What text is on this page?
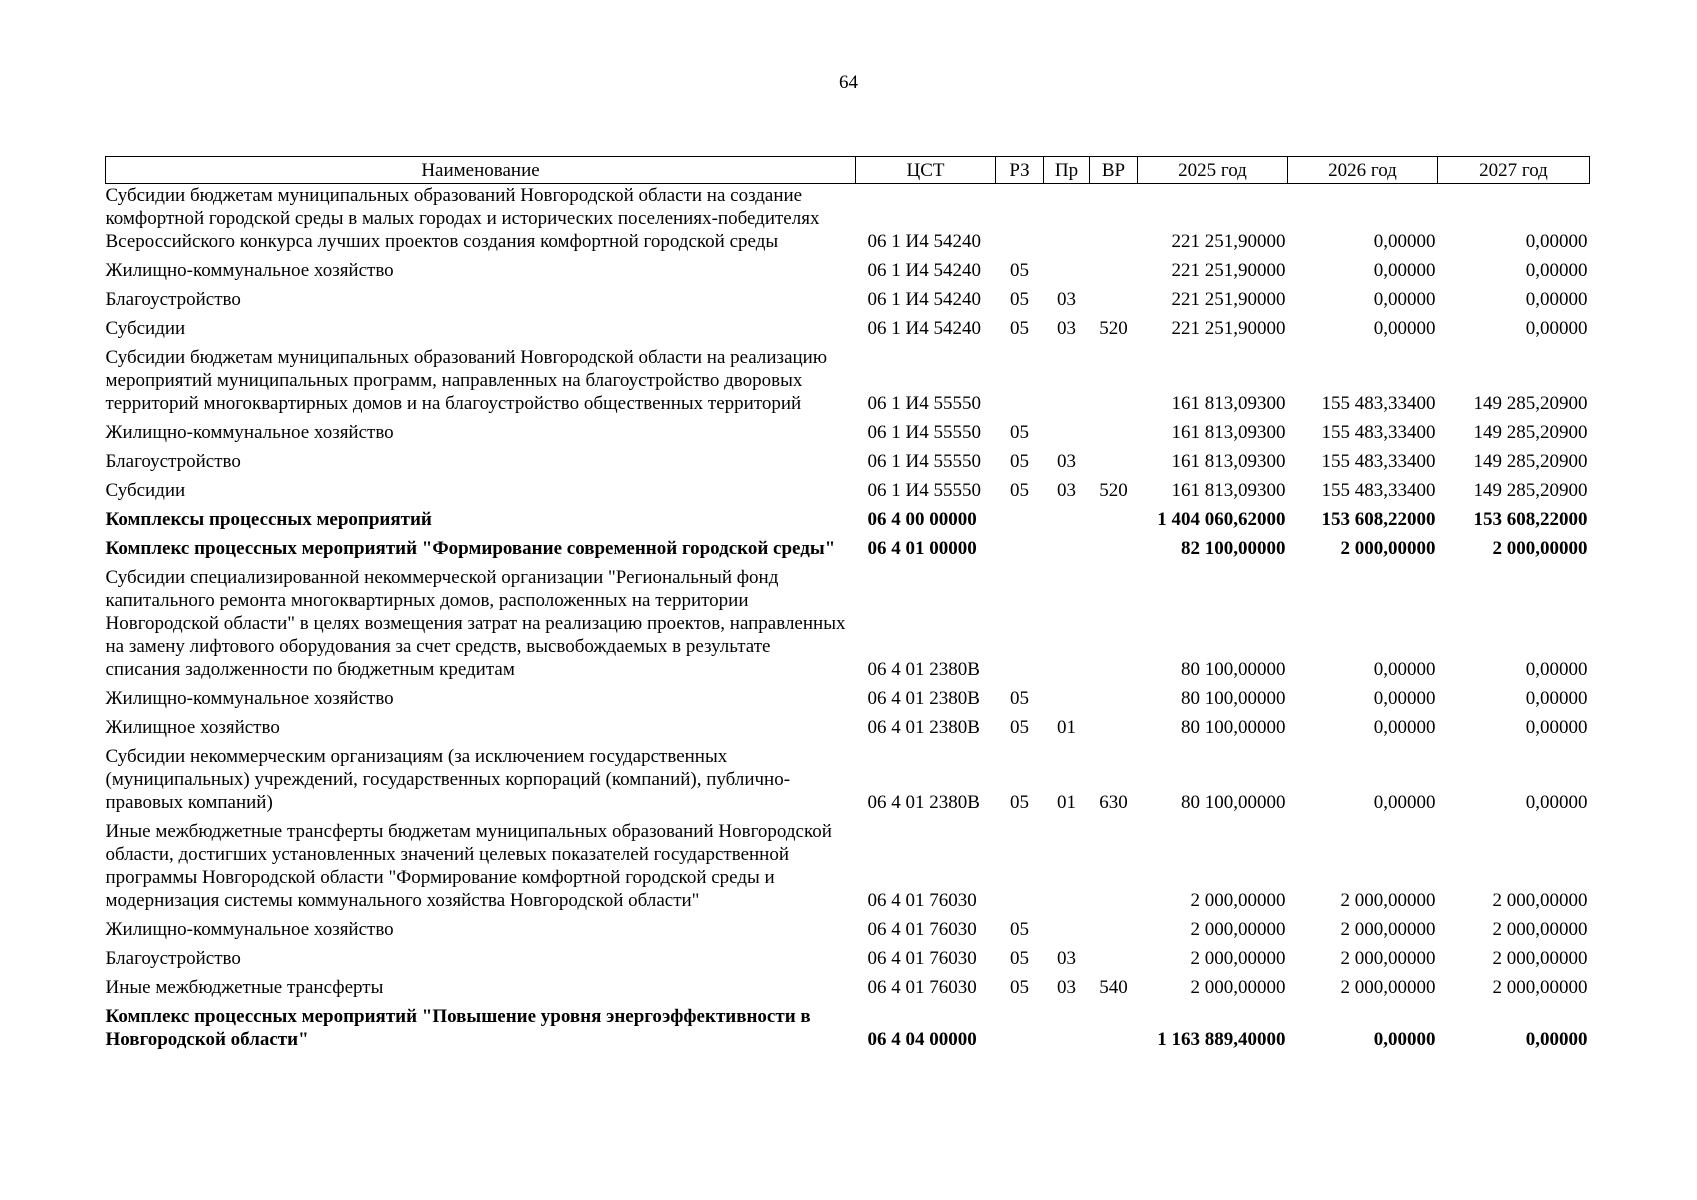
64
Наименование	ЦСТ	РЗ	Пр	ВР	2025 год	2026 год	2027 год
Субсидии бюджетам муниципальных образований Новгородской области на создание комфортной городской среды в малых городах и исторических поселениях-победителях Всероссийского конкурса лучших проектов создания комфортной городской среды	06 1 И4 54240				221 251,90000	0,00000	0,00000
Жилищно-коммунальное хозяйство	06 1 И4 54240	05			221 251,90000	0,00000	0,00000
Благоустройство	06 1 И4 54240	05	03		221 251,90000	0,00000	0,00000
Субсидии	06 1 И4 54240	05	03	520	221 251,90000	0,00000	0,00000
Субсидии бюджетам муниципальных образований Новгородской области на реализацию мероприятий муниципальных программ, направленных на благоустройство дворовых территорий многоквартирных домов и на благоустройство общественных территорий	06 1 И4 55550				161 813,09300	155 483,33400	149 285,20900
Жилищно-коммунальное хозяйство	06 1 И4 55550	05			161 813,09300	155 483,33400	149 285,20900
Благоустройство	06 1 И4 55550	05	03		161 813,09300	155 483,33400	149 285,20900
Субсидии	06 1 И4 55550	05	03	520	161 813,09300	155 483,33400	149 285,20900
Комплексы процессных мероприятий	06 4 00 00000				1 404 060,62000	153 608,22000	153 608,22000
Комплекс процессных мероприятий "Формирование современной городской среды"	06 4 01 00000				82 100,00000	2 000,00000	2 000,00000
Субсидии специализированной некоммерческой организации "Региональный фонд капитального ремонта многоквартирных домов, расположенных на территории Новгородской области" в целях возмещения затрат на реализацию проектов, направленных на замену лифтового оборудования за счет средств, высвобождаемых в результате списания задолженности по бюджетным кредитам	06 4 01 2380В				80 100,00000	0,00000	0,00000
Жилищно-коммунальное хозяйство	06 4 01 2380В	05			80 100,00000	0,00000	0,00000
Жилищное хозяйство	06 4 01 2380В	05	01		80 100,00000	0,00000	0,00000
Субсидии некоммерческим организациям (за исключением государственных (муниципальных) учреждений, государственных корпораций (компаний), публично-правовых компаний)	06 4 01 2380В	05	01	630	80 100,00000	0,00000	0,00000
Иные межбюджетные трансферты бюджетам муниципальных образований Новгородской области, достигших установленных значений целевых показателей государственной программы Новгородской области "Формирование комфортной городской среды и модернизация системы коммунального хозяйства Новгородской области"	06 4 01 76030				2 000,00000	2 000,00000	2 000,00000
Жилищно-коммунальное хозяйство	06 4 01 76030	05			2 000,00000	2 000,00000	2 000,00000
Благоустройство	06 4 01 76030	05	03		2 000,00000	2 000,00000	2 000,00000
Иные межбюджетные трансферты	06 4 01 76030	05	03	540	2 000,00000	2 000,00000	2 000,00000
Комплекс процессных мероприятий "Повышение уровня энергоэффективности в Новгородской области"	06 4 04 00000				1 163 889,40000	0,00000	0,00000
